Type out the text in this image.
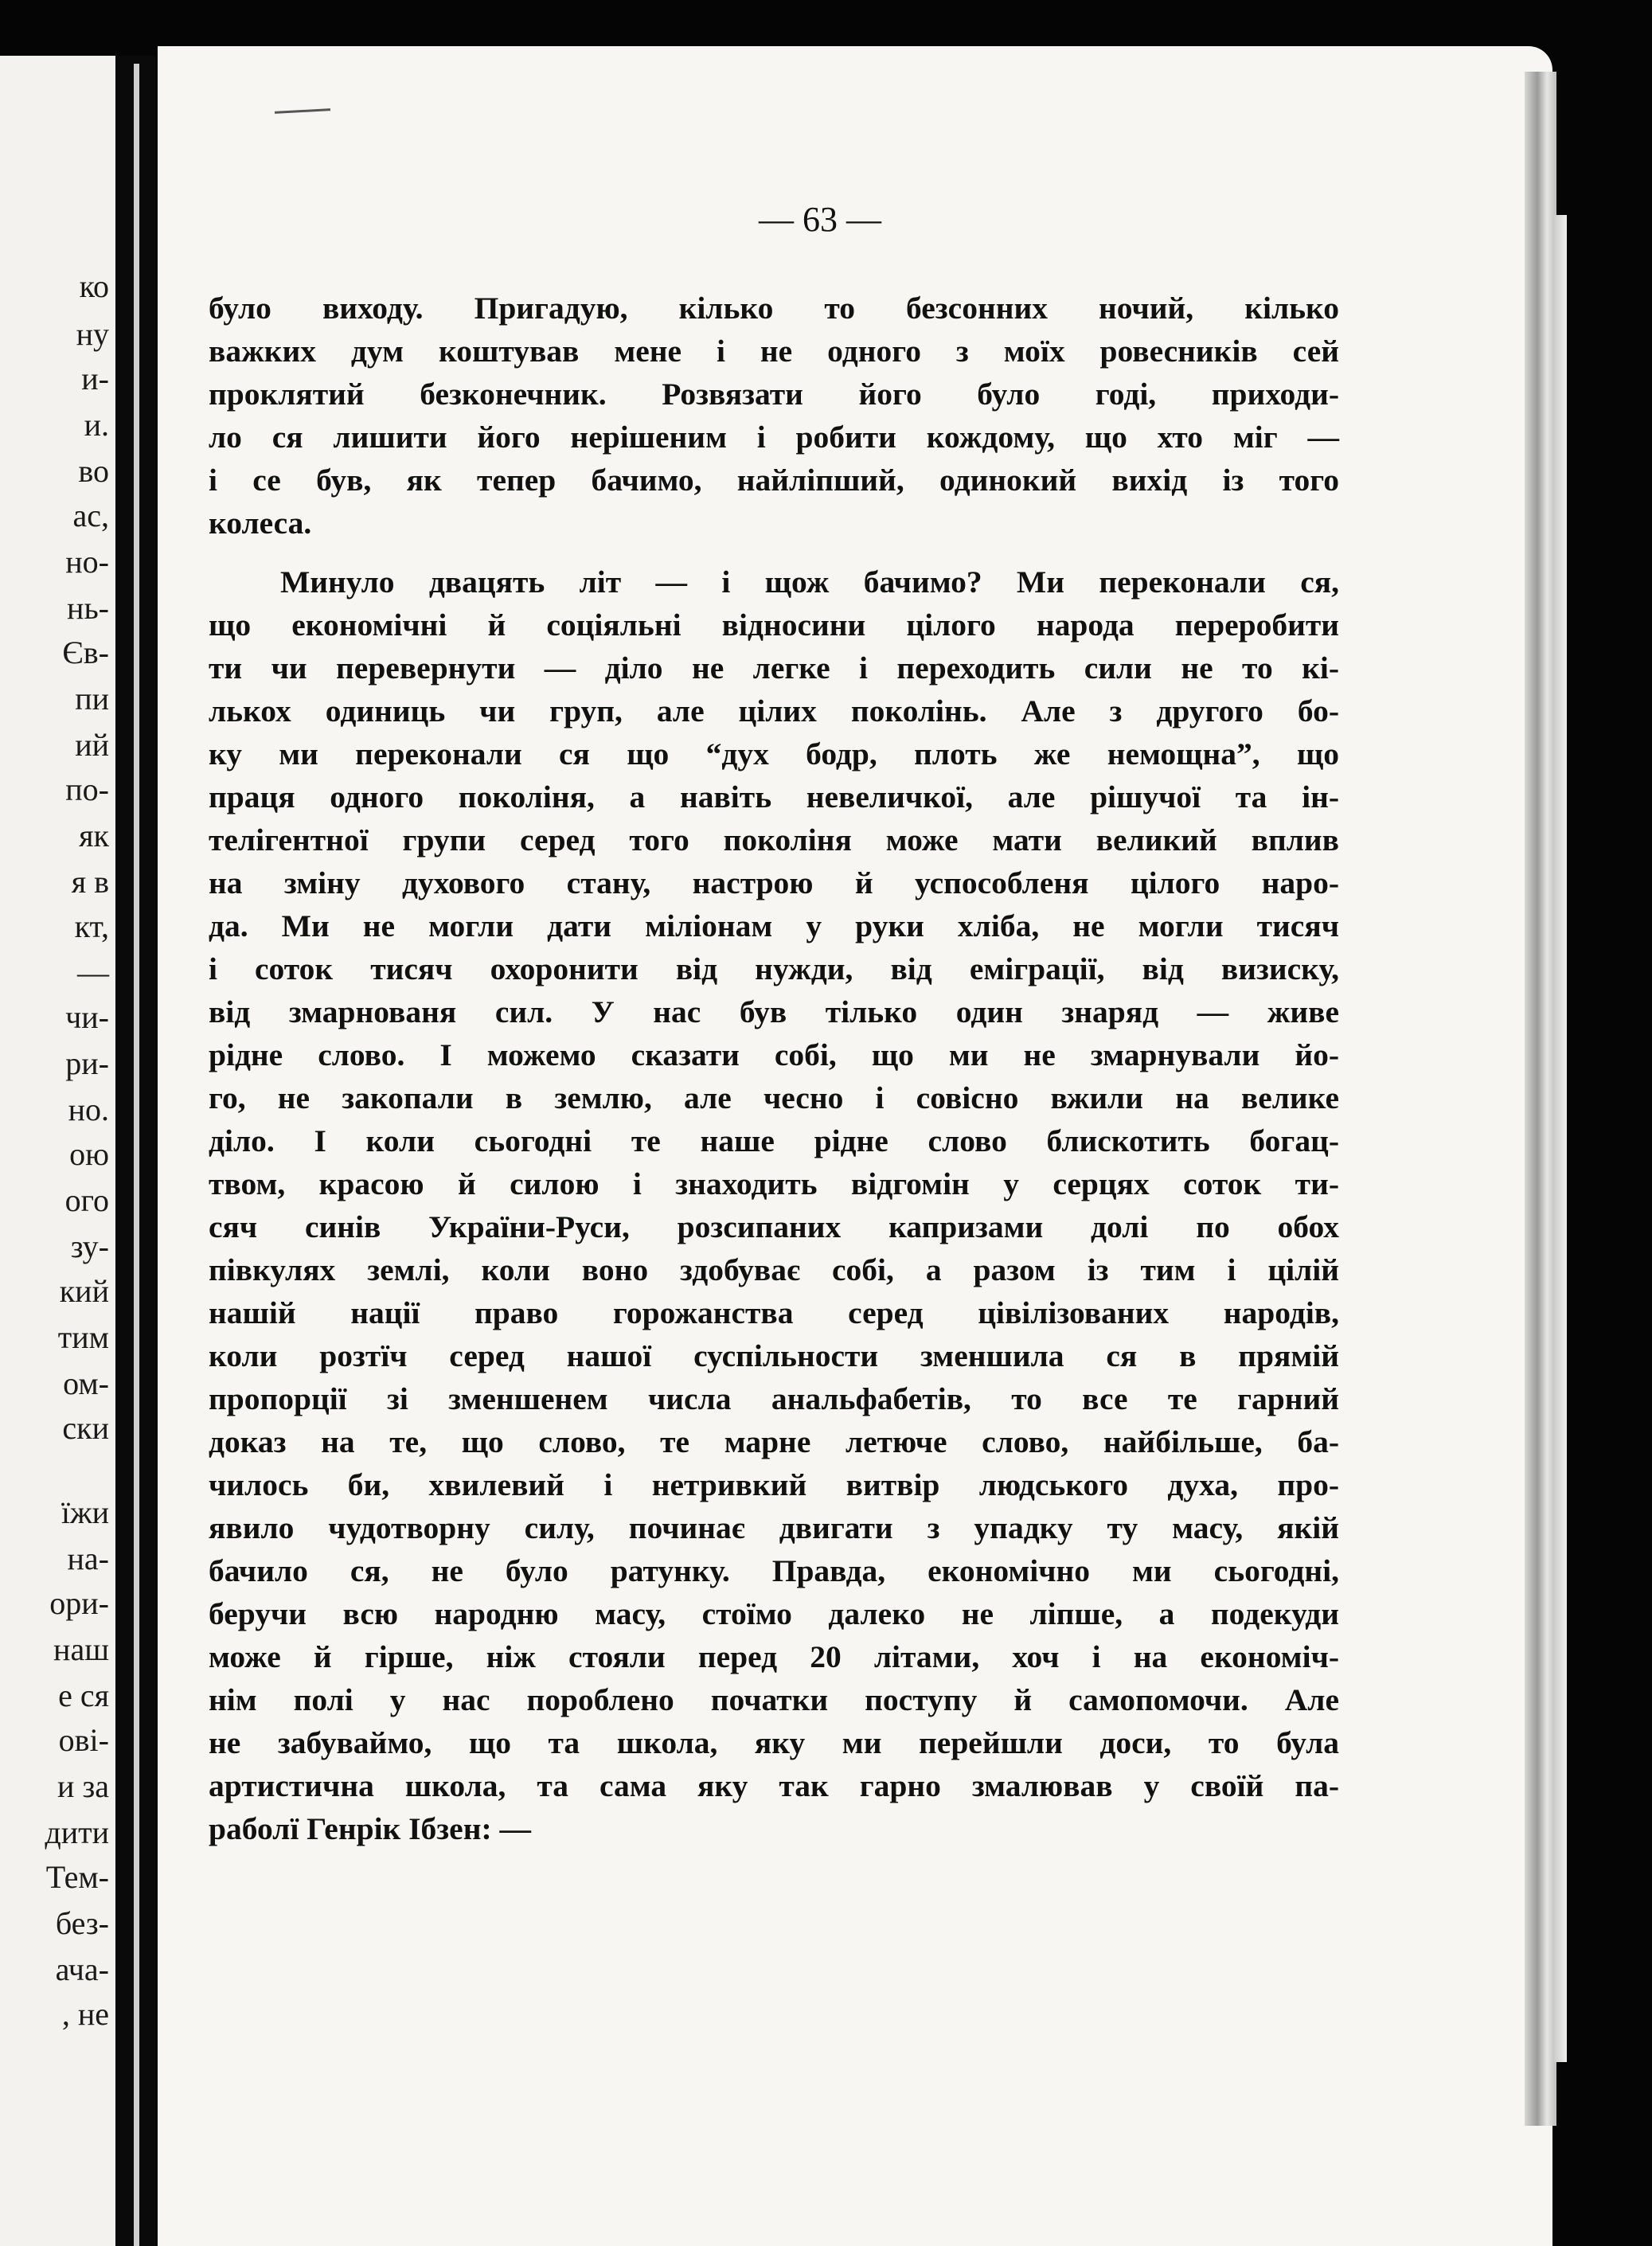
ко
ну
и-
и.
во
ас,
но-
нь-
Єв-
пи
ий
по-
як
я в
кт,
—
чи-
ри-
но.
ою
ого
зу-
кий
тим
ом-
ски
їжи
на-
ори-
наш
е ся
ові-
и за
дити
Тем-
без-
ача-
, не
— 63 —
було виходу. Пригадую, кілько то безсонних ночий, кілько
важких дум коштував мене і не одного з моїх ровесників сей
проклятий безконечник. Розвязати його було годі, приходи-
ло ся лишити його нерішеним і робити кождому, що хто міг —
і се був, як тепер бачимо, найліпший, одинокий вихід із того
колеса.
Минуло двацять літ — і щож бачимо? Ми переконали ся,
що економічні й соціяльні відносини цілого народа переробити
ти чи перевернути — діло не легке і переходить сили не то кі-
лькох одиниць чи груп, але цілих поколінь. Але з другого бо-
ку ми переконали ся що “дух бодр, плоть же немощна”, що
праця одного поколіня, а навіть невеличкої, але рішучої та ін-
телігентної групи серед того поколіня може мати великий вплив
на зміну духового стану, настрою й успособленя цілого наро-
да. Ми не могли дати міліонам у руки хліба, не могли тисяч
і соток тисяч охоронити від нужди, від еміграції, від визиску,
від змарнованя сил. У нас був тілько один знаряд — живе
рідне слово. І можемо сказати собі, що ми не змарнували йо-
го, не закопали в землю, але чесно і совісно вжили на велике
діло. І коли сьогодні те наше рідне слово блискотить богац-
твом, красою й силою і знаходить відгомін у серцях соток ти-
сяч синів України-Руси, розсипаних капризами долі по обох
півкулях землі, коли воно здобуває собі, а разом із тим і цілій
нашій нації право горожанства серед цівілізованих народів,
коли розтїч серед нашої суспільности зменшила ся в прямій
пропорції зі зменшенем числа анальфабетів, то все те гарний
доказ на те, що слово, те марне летюче слово, найбільше, ба-
чилось би, хвилевий і нетривкий витвір людського духа, про-
явило чудотворну силу, починає двигати з упадку ту масу, якій
бачило ся, не було ратунку. Правда, економічно ми сьогодні,
беручи всю народню масу, стоїмо далеко не ліпше, а подекуди
може й гірше, ніж стояли перед 20 літами, хоч і на економіч-
нім полі у нас пороблено початки поступу й самопомочи. Але
не забуваймо, що та школа, яку ми перейшли доси, то була
артистична школа, та сама яку так гарно змалював у своїй па-
раболї Генрік Ібзен: —
